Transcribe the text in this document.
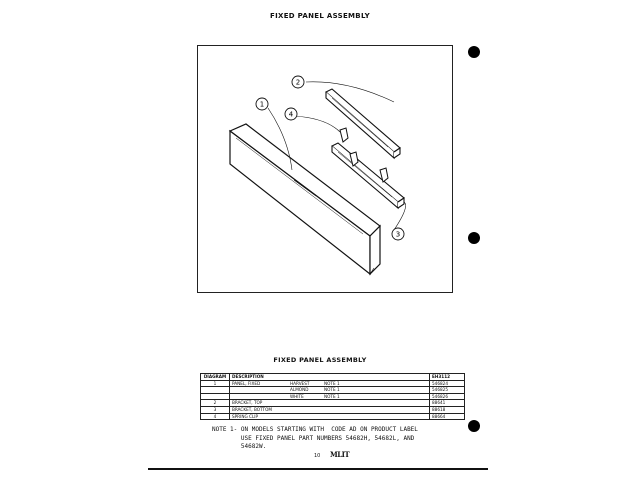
FIXED PANEL ASSEMBLY
1
2
3
4
FIXED PANEL ASSEMBLY
DIAGRAM	DESCRIPTION	EH3112
1	PANEL, FIXED HARVEST NOTE 1	546824

	ALMOND NOTE 1	546825

	WHITE NOTE 1	546826
2	BRACKET, TOP	88641
3	BRACKET, BOTTOM	88618
4	SPRING CLIP	88664
NOTE 1- ON MODELS STARTING WITH  CODE AD ON PRODUCT LABEL
USE FIXED PANEL PART NUMBERS 54682H, 54682L, AND
54682W.
10 MLIT
